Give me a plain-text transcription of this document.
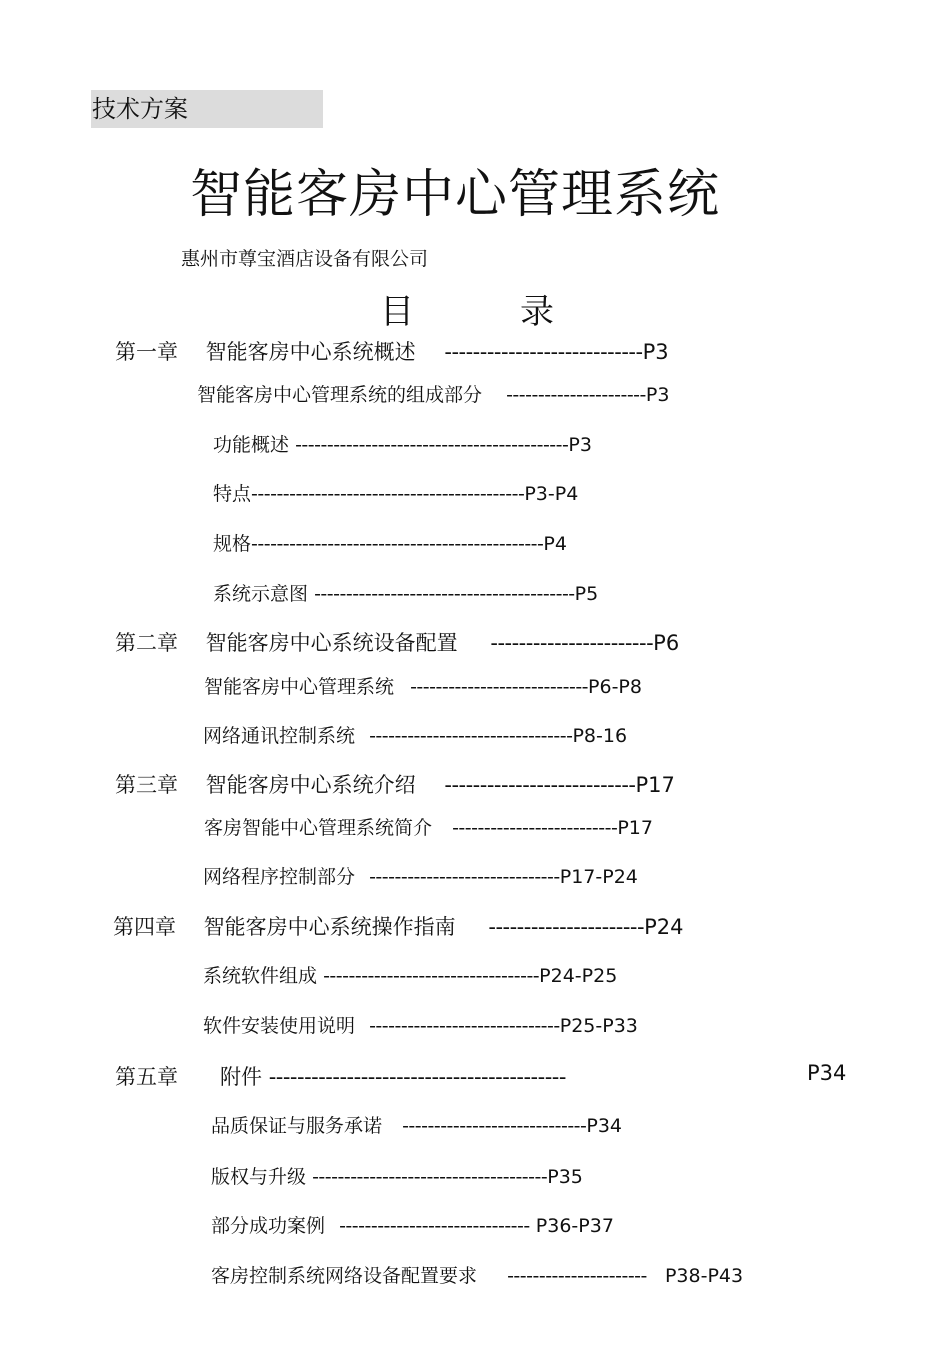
技术方案
智能客房中心管理系统
惠州市尊宝酒店设备有限公司
目	录
第一章　 智能客房中心系统概述 ----------------------------P3
智能客房中心管理系统的组成部分 ----------------------P3
功能概述 -------------------------------------------P3
特点-------------------------------------------P3-P4
规格----------------------------------------------P4
系统示意图 -----------------------------------------P5
第二章　 智能客房中心系统设备配置 -----------------------P6
智能客房中心管理系统 ----------------------------P6-P8
网络通讯控制系统 --------------------------------P8-16
第三章　 智能客房中心系统介绍 ---------------------------P17
客房智能中心管理系统简介 --------------------------P17
网络程序控制部分 ------------------------------P17-P24
第四章　 智能客房中心系统操作指南 ----------------------P24
系统软件组成 ----------------------------------P24-P25
软件安装使用说明 ------------------------------P25-P33
第五章　　附件 ------------------------------------------	P34
品质保证与服务承诺 -----------------------------P34
版权与升级 -------------------------------------P35
部分成功案例 ------------------------------ P36-P37
客房控制系统网络设备配置要求 ---------------------- P38-P43
